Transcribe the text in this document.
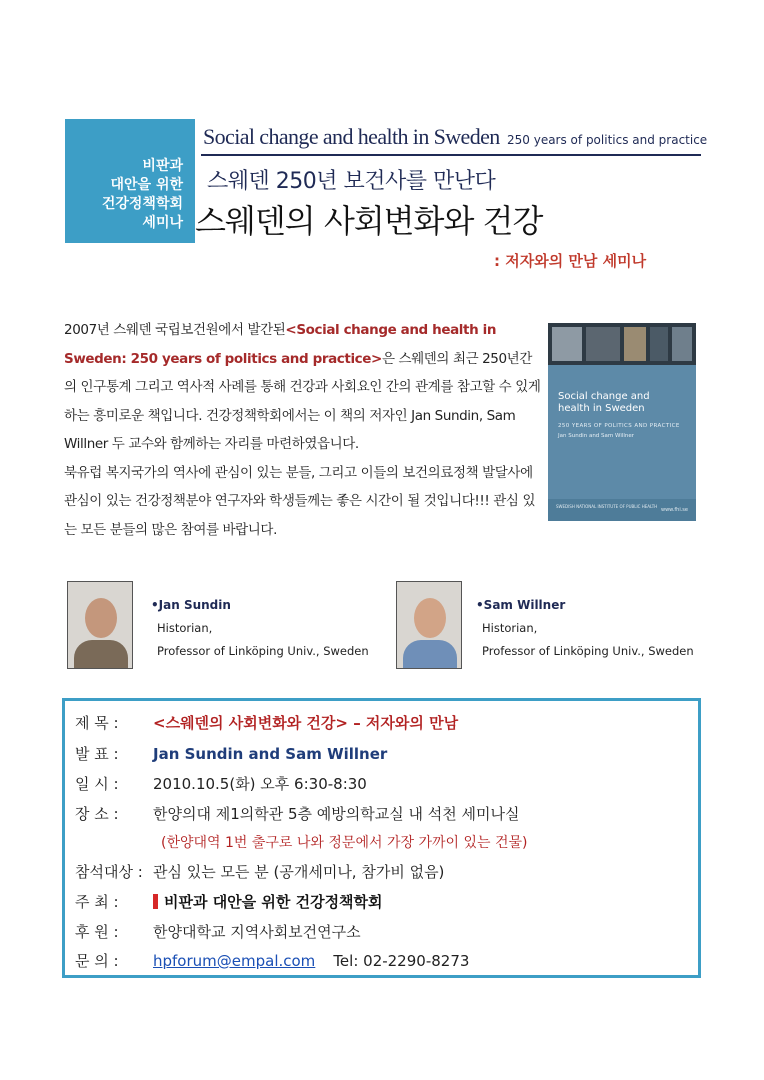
비판과
대안을 위한
건강정책학회
세미나
Social change and health in Sweden 250 years of politics and practice
스웨덴 250년 보건사를 만난다
스웨덴의 사회변화와 건강
: 저자와의 만남 세미나

2007년 스웨덴 국립보건원에서 발간된<Social change and health in Sweden: 250 years of politics and practice>은 스웨덴의 최근 250년간의 인구통계 그리고 역사적 사례를 통해 건강과 사회요인 간의 관계를 참고할 수 있게 하는 흥미로운 책입니다. 건강정책학회에서는 이 책의 저자인 Jan Sundin, Sam Willner 두 교수와 함께하는 자리를 마련하였읍니다.

북유럽 복지국가의 역사에 관심이 있는 분들, 그리고 이들의 보건의료정책 발달사에 관심이 있는 건강정책분야 연구자와 학생들께는 좋은 시간이 될 것입니다!!! 관심 있는 모든 분들의 많은 참여를 바랍니다.

Social change and
health in Sweden
250 YEARS OF POLITICS AND PRACTICE
Jan Sundin and Sam Willner
SWEDISH NATIONAL INSTITUTE OF PUBLIC HEALTH
www.fhi.se
•Jan Sundin
Historian,
Professor of Linköping Univ., Sweden
•Sam Willner
Historian,
Professor of Linköping Univ., Sweden
제 목 : <스웨덴의 사회변화와 건강> – 저자와의 만남
발 표 : Jan Sundin and Sam Willner
일 시 : 2010.10.5(화) 오후 6:30-8:30
장 소 : 한양의대 제1의학관 5층 예방의학교실 내 석천 세미나실
(한양대역 1번 출구로 나와 정문에서 가장 가까이 있는 건물)
참석대상 : 관심 있는 모든 분 (공개세미나, 참가비 없음)
주 최 :	비판과 대안을 위한 건강정책학회
후 원 : 한양대학교 지역사회보건연구소
문 의 : hpforum@empal.com Tel: 02-2290-8273
